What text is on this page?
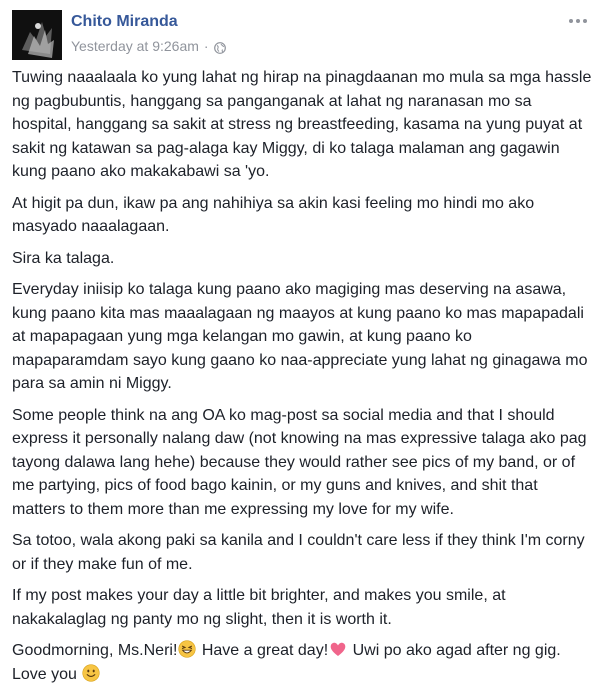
Chito Miranda
Yesterday at 9:26am ·

Tuwing naaalaala ko yung lahat ng hirap na pinagdaanan mo mula sa mga hassle ng pagbubuntis, hanggang sa panganganak at lahat ng naranasan mo sa hospital, hanggang sa sakit at stress ng breastfeeding, kasama na yung puyat at sakit ng katawan sa pag-alaga kay Miggy, di ko talaga malaman ang gagawin kung paano ako makakabawi sa 'yo.

At higit pa dun, ikaw pa ang nahihiya sa akin kasi feeling mo hindi mo ako masyado naaalagaan.

Sira ka talaga.

Everyday iniisip ko talaga kung paano ako magiging mas deserving na asawa, kung paano kita mas maaalagaan ng maayos at kung paano ko mas mapapadali at mapapagaan yung mga kelangan mo gawin, at kung paano ko mapaparamdam sayo kung gaano ko naa-appreciate yung lahat ng ginagawa mo para sa amin ni Miggy.

Some people think na ang OA ko mag-post sa social media and that I should express it personally nalang daw (not knowing na mas expressive talaga ako pag tayong dalawa lang hehe) because they would rather see pics of my band, or of me partying, pics of food bago kainin, or my guns and knives, and shit that matters to them more than me expressing my love for my wife.

Sa totoo, wala akong paki sa kanila and I couldn't care less if they think I'm corny or if they make fun of me.

If my post makes your day a little bit brighter, and makes you smile, at nakakalaglag ng panty mo ng slight, then it is worth it.

Goodmorning, Ms.Neri! Have a great day! Uwi po ako agad after ng gig. Love you
